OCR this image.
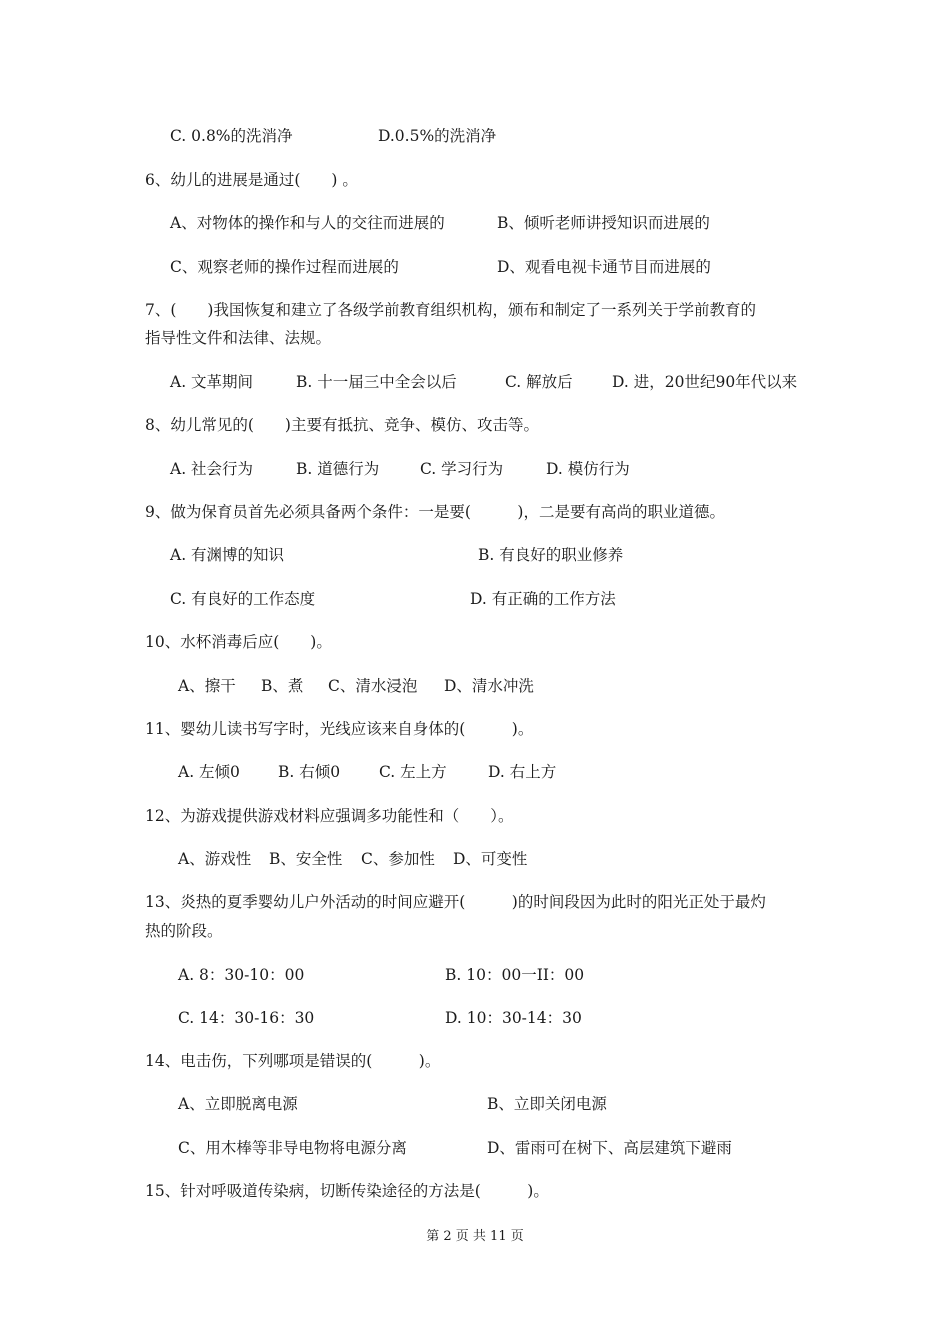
C. 0.8%的洗消净	D.0.5%的洗消净
6、幼儿的进展是通过(　　) 。
A、对物体的操作和与人的交往而进展的	B、倾听老师讲授知识而进展的
C、观察老师的操作过程而进展的	D、观看电视卡通节目而进展的
7、(　　)我国恢复和建立了各级学前教育组织机构，颁布和制定了一系列关于学前教育的
指导性文件和法律、法规。
A. 文革期间	B. 十一届三中全会以后	C. 解放后	D. 进，20世纪90年代以来
8、幼儿常见的(　　)主要有抵抗、竞争、模仿、攻击等。
A. 社会行为	B. 道德行为	C. 学习行为	D. 模仿行为
9、做为保育员首先必须具备两个条件：一是要(　　　)，二是要有高尚的职业道德。
A. 有渊博的知识	B. 有良好的职业修养
C. 有良好的工作态度	D. 有正确的工作方法
10、水杯消毒后应(　　)。
A、擦干 B、煮 C、清水浸泡 D、清水冲洗
11、婴幼儿读书写字时，光线应该来自身体的(　　　)。
A. 左倾0 B. 右倾0	C. 左上方	D. 右上方
12、为游戏提供游戏材料应强调多功能性和（　　）。
A、游戏性 B、安全性 C、参加性 D、可变性
13、炎热的夏季婴幼儿户外活动的时间应避开(　　　)的时间段因为此时的阳光正处于最灼
热的阶段。
A. 8：30-10：00	B. 10：00一II：00
C. 14：30-16：30	D. 10：30-14：30
14、电击伤，下列哪项是错误的(　　　)。
A、立即脱离电源	B、立即关闭电源
C、用木棒等非导电物将电源分离	D、雷雨可在树下、高层建筑下避雨
15、针对呼吸道传染病，切断传染途径的方法是(　　　)。
第 2 页 共 11 页
